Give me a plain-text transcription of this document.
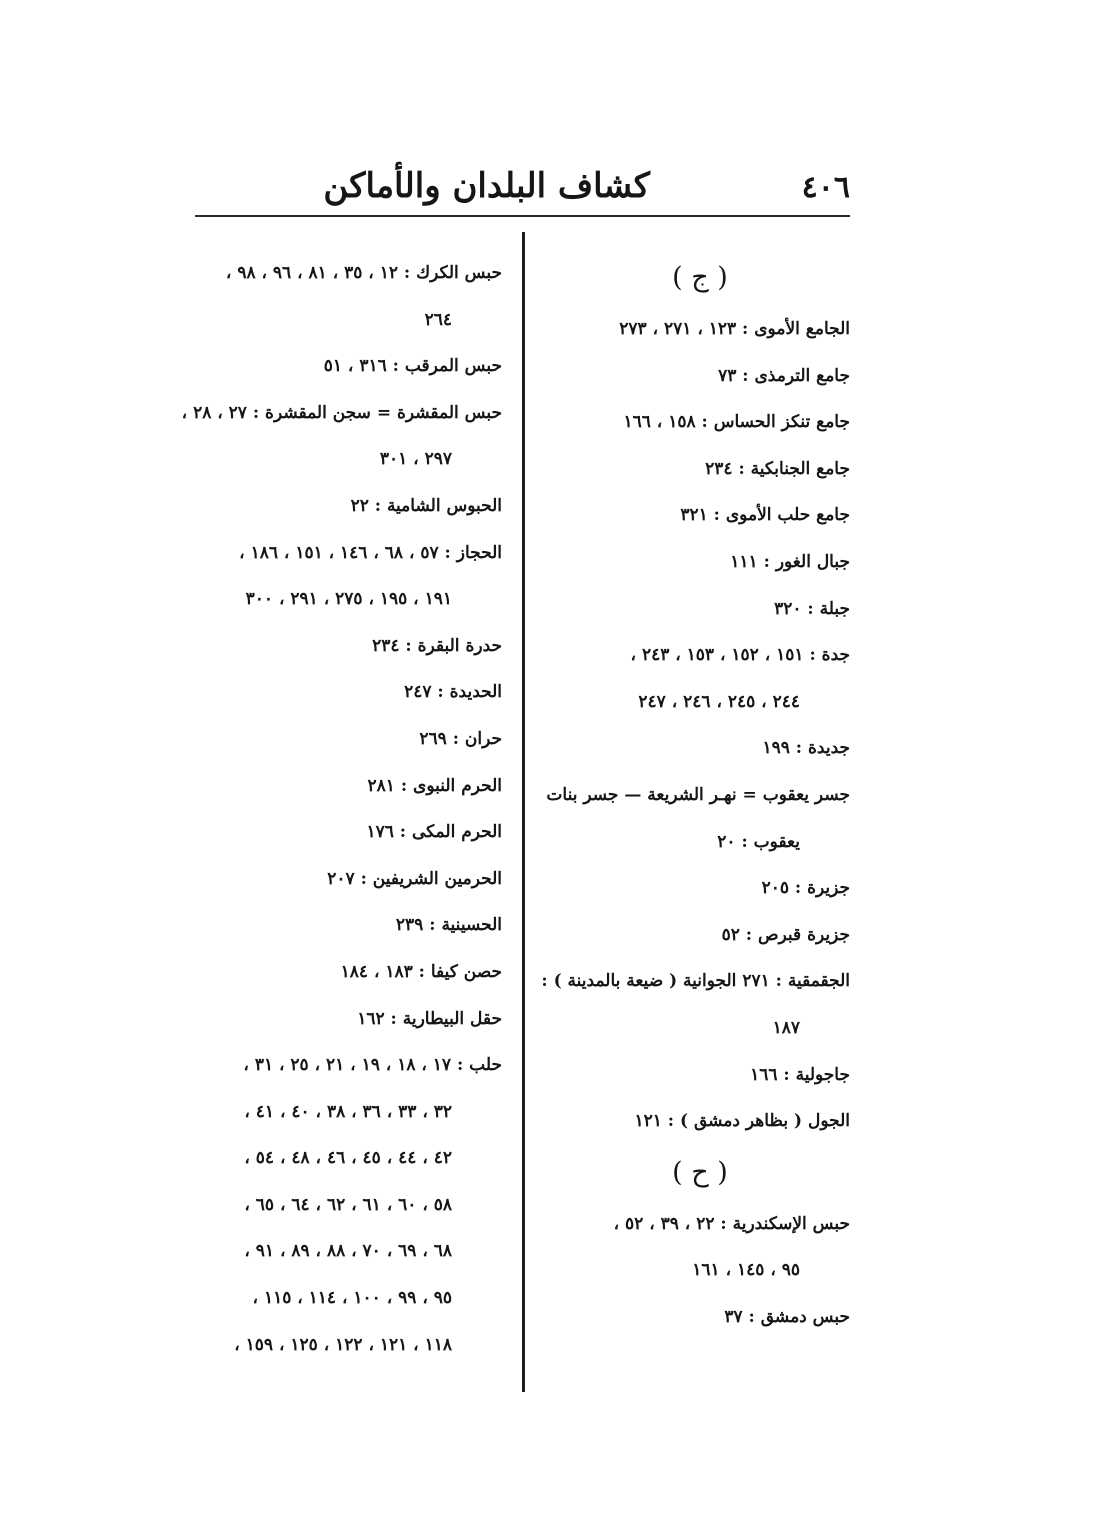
كشاف البلدان والأماكن	٤٠٦
( ج )
الجامع الأموى : ١٢٣ ، ٢٧١ ، ٢٧٣
جامع الترمذى : ٧٣
جامع تنكز الحساس : ١٥٨ ، ١٦٦
جامع الجنابكية : ٢٣٤
جامع حلب الأموى : ٣٢١
جبال الغور : ١١١
جبلة : ٣٢٠
جدة : ١٥١ ، ١٥٢ ، ١٥٣ ، ٢٤٣ ،
٢٤٤ ، ٢٤٥ ، ٢٤٦ ، ٢٤٧
جديدة : ١٩٩
جسر يعقوب = نهـر الشريعة — جسر بنات
يعقوب : ٢٠
جزيرة : ٢٠٥
جزيرة قبرص : ٥٢
الجقمقية : ٢٧١ الجوانية ( ضيعة بالمدينة ) :
١٨٧
جاجولية : ١٦٦
الجول ( بظاهر دمشق ) : ١٢١
( ح )
حبس الإسكندرية : ٢٢ ، ٣٩ ، ٥٢ ،
٩٥ ، ١٤٥ ، ١٦١
حبس دمشق : ٣٧
حبس الكرك : ١٢ ، ٣٥ ، ٨١ ، ٩٦ ، ٩٨ ،
٢٦٤
حبس المرقب : ٣١٦ ، ٥١
حبس المقشرة = سجن المقشرة : ٢٧ ، ٢٨ ،
٢٩٧ ، ٣٠١
الحبوس الشامية : ٢٢
الحجاز : ٥٧ ، ٦٨ ، ١٤٦ ، ١٥١ ، ١٨٦ ،
١٩١ ، ١٩٥ ، ٢٧٥ ، ٢٩١ ، ٣٠٠
حدرة البقرة : ٢٣٤
الحديدة : ٢٤٧
حران : ٢٦٩
الحرم النبوى : ٢٨١
الحرم المكى : ١٧٦
الحرمين الشريفين : ٢٠٧
الحسينية : ٢٣٩
حصن كيفا : ١٨٣ ، ١٨٤
حقل البيطارية : ١٦٢
حلب : ١٧ ، ١٨ ، ١٩ ، ٢١ ، ٢٥ ، ٣١ ،
٣٢ ، ٣٣ ، ٣٦ ، ٣٨ ، ٤٠ ، ٤١ ،
٤٢ ، ٤٤ ، ٤٥ ، ٤٦ ، ٤٨ ، ٥٤ ،
٥٨ ، ٦٠ ، ٦١ ، ٦٢ ، ٦٤ ، ٦٥ ،
٦٨ ، ٦٩ ، ٧٠ ، ٨٨ ، ٨٩ ، ٩١ ،
٩٥ ، ٩٩ ، ١٠٠ ، ١١٤ ، ١١٥ ،
١١٨ ، ١٢١ ، ١٢٢ ، ١٢٥ ، ١٥٩ ،
